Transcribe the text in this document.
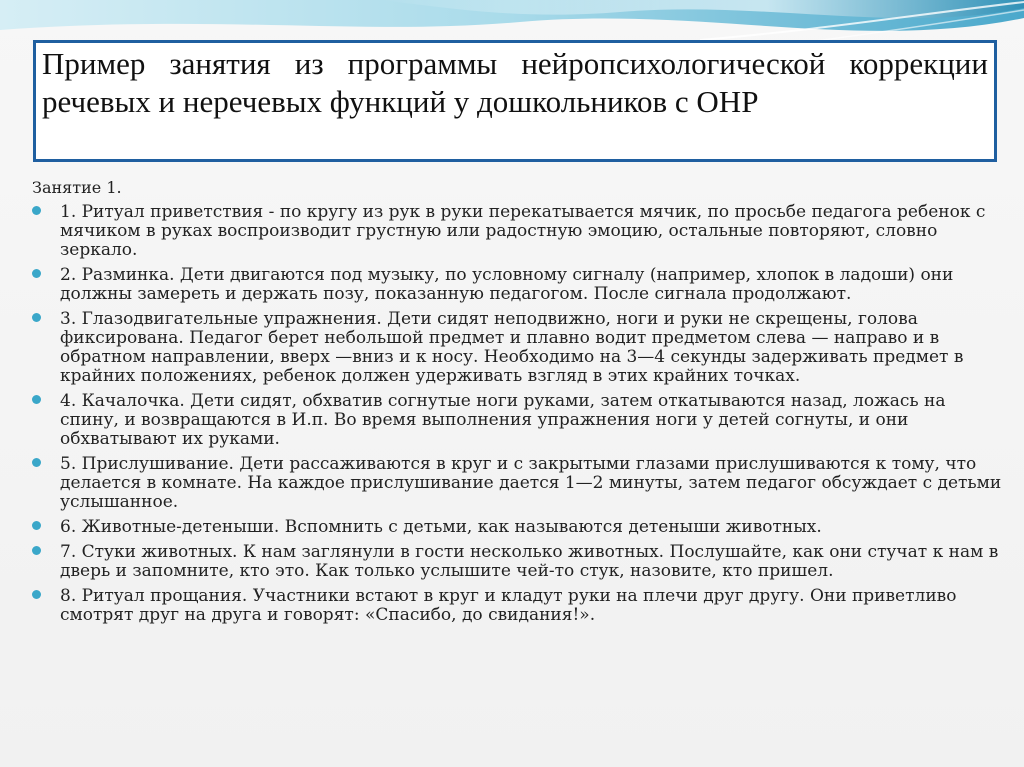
Пример занятия из программы нейропсихологической коррекции речевых и неречевых функций у дошкольников с ОНР
Занятие 1.
1. Ритуал приветствия - по кругу из рук в руки перекатывается мячик, по просьбе педагога ребенок с мячиком в руках воспроизводит грустную или радостную эмоцию, остальные повторяют, словно зеркало.
2. Разминка. Дети двигаются под музыку, по условному сигналу (например, хлопок в ладоши) они должны замереть и держать позу, показанную педагогом. После сигнала продолжают.
3. Глазодвигательные упражнения. Дети сидят неподвижно, ноги и руки не скрещены, голова фиксирована. Педагог берет небольшой предмет и плавно водит предметом слева — направо и в обратном направлении, вверх —вниз и к носу. Необходимо на 3—4 секунды задерживать предмет в крайних положениях, ребенок должен удерживать взгляд в этих крайних точках.
4. Качалочка. Дети сидят, обхватив согнутые ноги руками, затем откатываются назад, ложась на спину, и возвращаются в И.п. Во время выполнения упражнения ноги у детей согнуты, и они обхватывают их руками.
5. Прислушивание. Дети рассаживаются в круг и с закрытыми глазами прислушиваются к тому, что делается в комнате. На каждое прислушивание дается 1—2 минуты, затем педагог обсуждает с детьми услышанное.
6. Животные-детеныши. Вспомнить с детьми, как называются детеныши животных.
7. Стуки животных. К нам заглянули в гости несколько животных. Послушайте, как они стучат к нам в дверь и запомните, кто это. Как только услышите чей-то стук, назовите, кто пришел.
8. Ритуал прощания. Участники встают в круг и кладут руки на плечи друг другу. Они приветливо смотрят друг на друга и говорят: «Спасибо, до свидания!».
